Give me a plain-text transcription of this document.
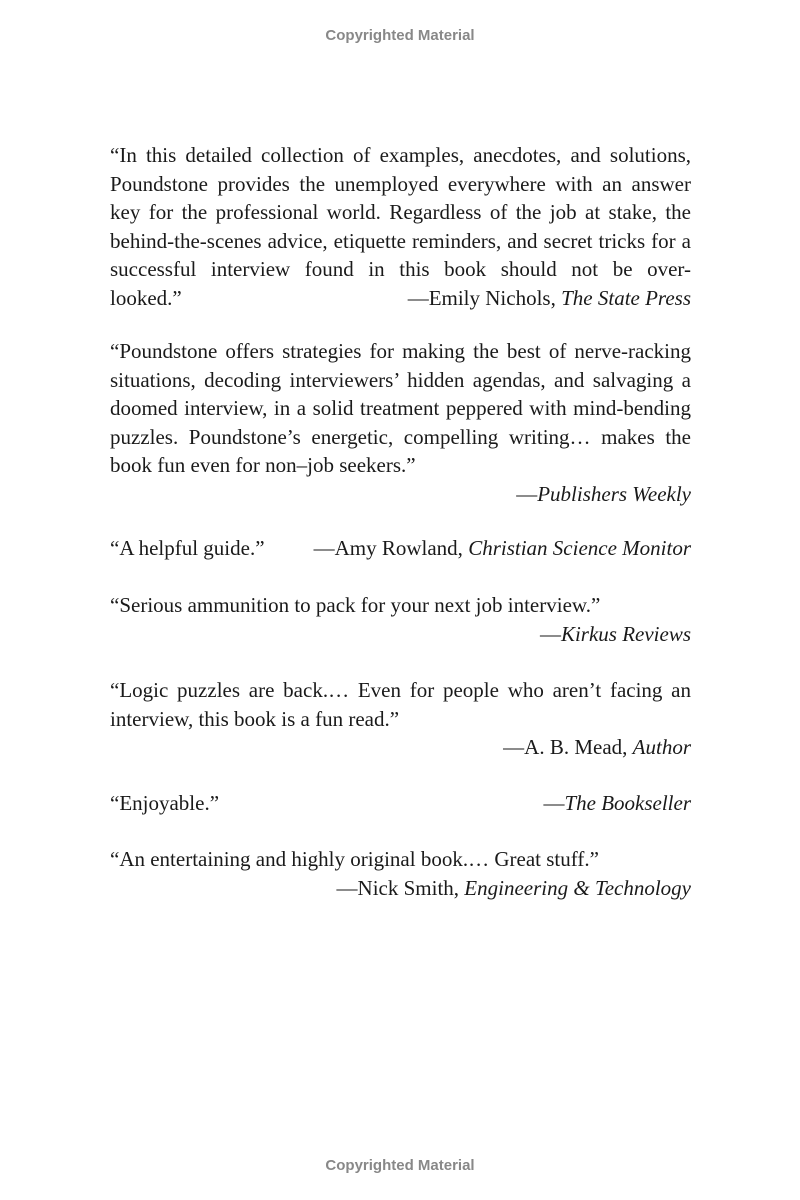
Copyrighted Material

“In this detailed collection of examples, anecdotes, and solutions, Poundstone provides the unemployed everywhere with an answer key for the professional world. Regardless of the job at stake, the behind-the-scenes advice, etiquette reminders, and secret tricks for a successful interview found in this book should not be over-

looked.”	—Emily Nichols, The State Press

“Poundstone offers strategies for making the best of nerve-racking situations, decoding interviewers’ hidden agendas, and salvaging a doomed interview, in a solid treatment peppered with mind-bending puzzles. Poundstone’s energetic, compelling writing… makes the book fun even for non–job seekers.”

—Publishers Weekly
“A helpful guide.” —Amy Rowland, Christian Science Monitor

“Serious ammunition to pack for your next job interview.”

—Kirkus Reviews

“Logic puzzles are back.… Even for people who aren’t facing an interview, this book is a fun read.”

—A. B. Mead, Author
“Enjoyable.”	—The Bookseller

“An entertaining and highly original book.… Great stuff.”

—Nick Smith, Engineering & Technology
Copyrighted Material
